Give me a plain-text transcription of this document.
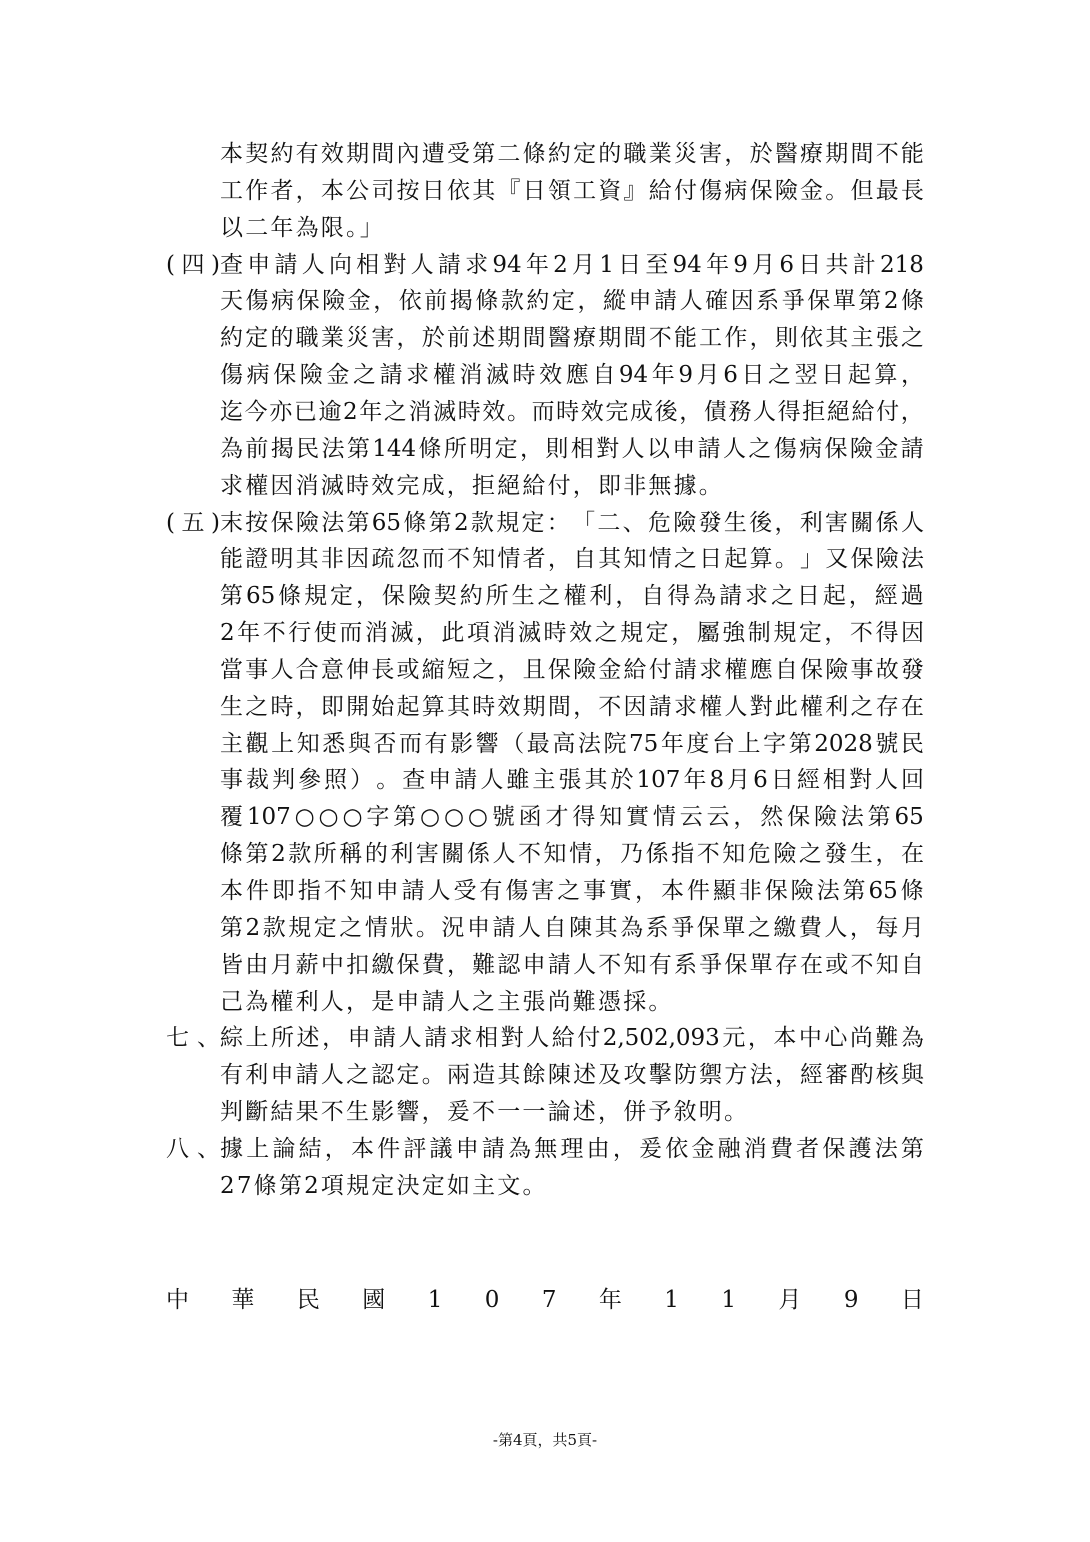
本 契 約 有 效 期 間 內 遭 受 第 二 條 約 定 的 職 業 災 害 ， 於 醫 療 期 間 不 能
工 作 者 ， 本 公 司 按 日 依 其 『 日 領 工 資 』 給 付 傷 病 保 險 金 。 但 最 長
以二年為限。」
查 申 請 人 向 相 對 人 請 求 94 年 2 月 1 日 至 94 年 9 月 6 日 共 計 218
天 傷 病 保 險 金 ， 依 前 揭 條 款 約 定 ， 縱 申 請 人 確 因 系 爭 保 單 第 2 條
約 定 的 職 業 災 害 ， 於 前 述 期 間 醫 療 期 間 不 能 工 作 ， 則 依 其 主 張 之
傷 病 保 險 金 之 請 求 權 消 滅 時 效 應 自 94 年 9 月 6 日 之 翌 日 起 算 ，
迄 今 亦 已 逾 2 年 之 消 滅 時 效 。 而 時 效 完 成 後 ， 債 務 人 得 拒 絕 給 付 ，
為 前 揭 民 法 第 144 條 所 明 定 ， 則 相 對 人 以 申 請 人 之 傷 病 保 險 金 請
求權因消滅時效完成，拒絕給付，即非無據。
末 按 保 險 法 第 65 條 第 2 款 規 定 ： 「 二 、 危 險 發 生 後 ， 利 害 關 係 人
能 證 明 其 非 因 疏 忽 而 不 知 情 者 ， 自 其 知 情 之 日 起 算 。 」 又 保 險 法
第 65 條 規 定 ， 保 險 契 約 所 生 之 權 利 ， 自 得 為 請 求 之 日 起 ， 經 過
2 年 不 行 使 而 消 滅 ， 此 項 消 滅 時 效 之 規 定 ， 屬 強 制 規 定 ， 不 得 因
當 事 人 合 意 伸 長 或 縮 短 之 ， 且 保 險 金 給 付 請 求 權 應 自 保 險 事 故 發
生 之 時 ， 即 開 始 起 算 其 時 效 期 間 ， 不 因 請 求 權 人 對 此 權 利 之 存 在
主 觀 上 知 悉 與 否 而 有 影 響 （ 最 高 法 院 75 年 度 台 上 字 第 2028 號 民
事 裁 判 參 照 ） 。 查 申 請 人 雖 主 張 其 於 107 年 8 月 6 日 經 相 對 人 回
覆 107 ○ ○ ○ 字 第 ○ ○ ○ 號 函 才 得 知 實 情 云 云 ， 然 保 險 法 第 65
條 第 2 款 所 稱 的 利 害 關 係 人 不 知 情 ， 乃 係 指 不 知 危 險 之 發 生 ， 在
本 件 即 指 不 知 申 請 人 受 有 傷 害 之 事 實 ， 本 件 顯 非 保 險 法 第 65 條
第 2 款 規 定 之 情 狀 。 況 申 請 人 自 陳 其 為 系 爭 保 單 之 繳 費 人 ， 每 月
皆 由 月 薪 中 扣 繳 保 費 ， 難 認 申 請 人 不 知 有 系 爭 保 單 存 在 或 不 知 自
己為權利人，是申請人之主張尚難憑採。
綜 上 所 述 ， 申 請 人 請 求 相 對 人 給 付 2,502,093 元 ， 本 中 心 尚 難 為
有 利 申 請 人 之 認 定 。 兩 造 其 餘 陳 述 及 攻 擊 防 禦 方 法 ， 經 審 酌 核 與
判斷結果不生影響，爰不一一論述，併予敘明。
據 上 論 結 ， 本 件 評 議 申 請 為 無 理 由 ， 爰 依 金 融 消 費 者 保 護 法 第
27條第2項規定決定如主文。
( 四 )
( 五 )
七 、
八 、
中 華 民 國 1 0 7 年 1 1 月 9 日
-第4頁，共5頁-
